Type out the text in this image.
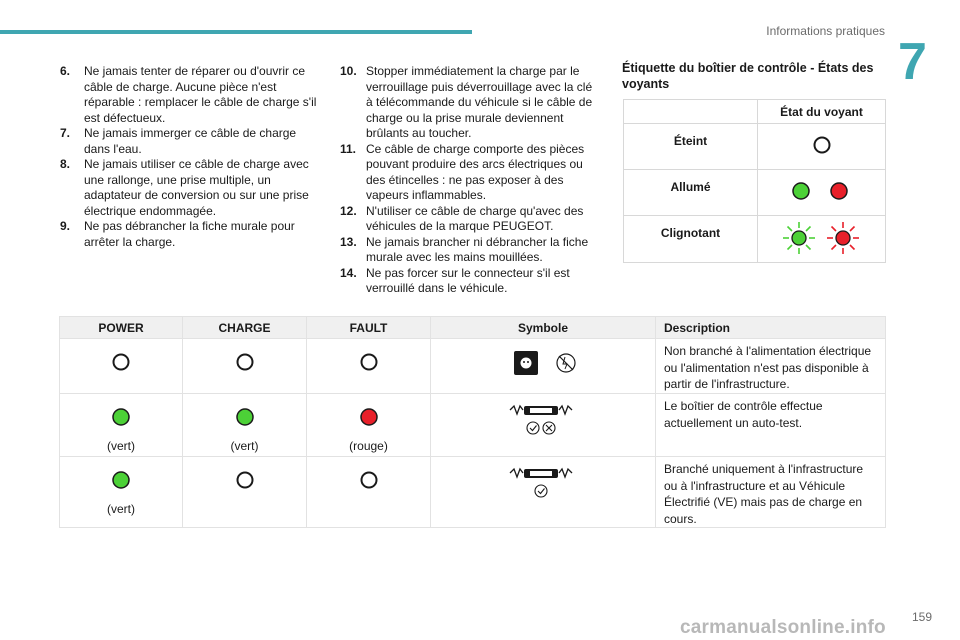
Informations pratiques
7
6.	Ne jamais tenter de réparer ou d'ouvrir ce câble de charge. Aucune pièce n'est réparable : remplacer le câble de charge s'il est défectueux.
7.	Ne jamais immerger ce câble de charge dans l'eau.
8.	Ne jamais utiliser ce câble de charge avec une rallonge, une prise multiple, un adaptateur de conversion ou sur une prise électrique endommagée.
9.	Ne pas débrancher la fiche murale pour arrêter la charge.
10. Stopper immédiatement la charge par le verrouillage puis déverrouillage avec la clé à télécommande du véhicule si le câble de charge ou la prise murale deviennent brûlants au toucher.
11. Ce câble de charge comporte des pièces pouvant produire des arcs électriques ou des étincelles : ne pas exposer à des vapeurs inflammables.
12. N'utiliser ce câble de charge qu'avec des véhicules de la marque PEUGEOT.
13. Ne jamais brancher ni débrancher la fiche murale avec les mains mouillées.
14. Ne pas forcer sur le connecteur s'il est verrouillé dans le véhicule.
Étiquette du boîtier de contrôle - États des voyants
	État du voyant
Éteint	
Allumé	
Clignotant	
POWER	CHARGE	FAULT	Symbole	Description

		Non branché à l'alimentation électrique ou l'alimentation n'est pas disponible à partir de l'infrastructure.

(vert)	(vert)	(rouge)		Le boîtier de contrôle effectue actuellement un auto-test.

(vert)				Branché uniquement à l'infrastructure ou à l'infrastructure et au Véhicule Électrifié (VE) mais pas de charge en cours.
159
carmanualsonline.info
